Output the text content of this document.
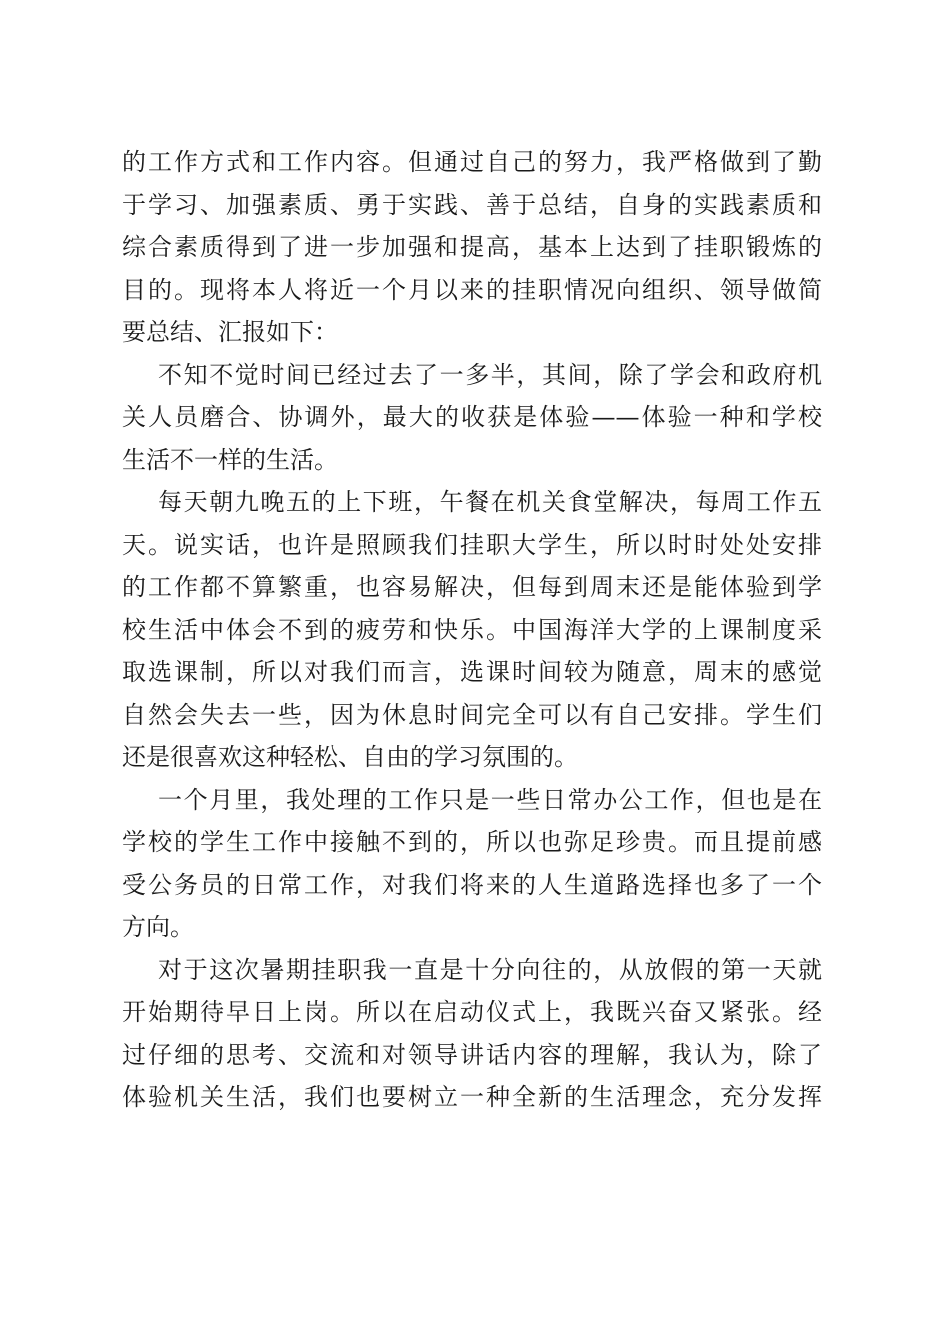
的工作方式和工作内容。但通过自己的努力，我严格做到了勤
于学习、加强素质、勇于实践、善于总结，自身的实践素质和
综合素质得到了进一步加强和提高，基本上达到了挂职锻炼的
目的。现将本人将近一个月以来的挂职情况向组织、领导做简
要总结、汇报如下：
不知不觉时间已经过去了一多半，其间，除了学会和政府机
关人员磨合、协调外，最大的收获是体验——体验一种和学校
生活不一样的生活。
每天朝九晚五的上下班，午餐在机关食堂解决，每周工作五
天。说实话，也许是照顾我们挂职大学生，所以时时处处安排
的工作都不算繁重，也容易解决，但每到周末还是能体验到学
校生活中体会不到的疲劳和快乐。中国海洋大学的上课制度采
取选课制，所以对我们而言，选课时间较为随意，周末的感觉
自然会失去一些，因为休息时间完全可以有自己安排。学生们
还是很喜欢这种轻松、自由的学习氛围的。
一个月里，我处理的工作只是一些日常办公工作，但也是在
学校的学生工作中接触不到的，所以也弥足珍贵。而且提前感
受公务员的日常工作，对我们将来的人生道路选择也多了一个
方向。
对于这次暑期挂职我一直是十分向往的，从放假的第一天就
开始期待早日上岗。所以在启动仪式上，我既兴奋又紧张。经
过仔细的思考、交流和对领导讲话内容的理解，我认为，除了
体验机关生活，我们也要树立一种全新的生活理念，充分发挥
